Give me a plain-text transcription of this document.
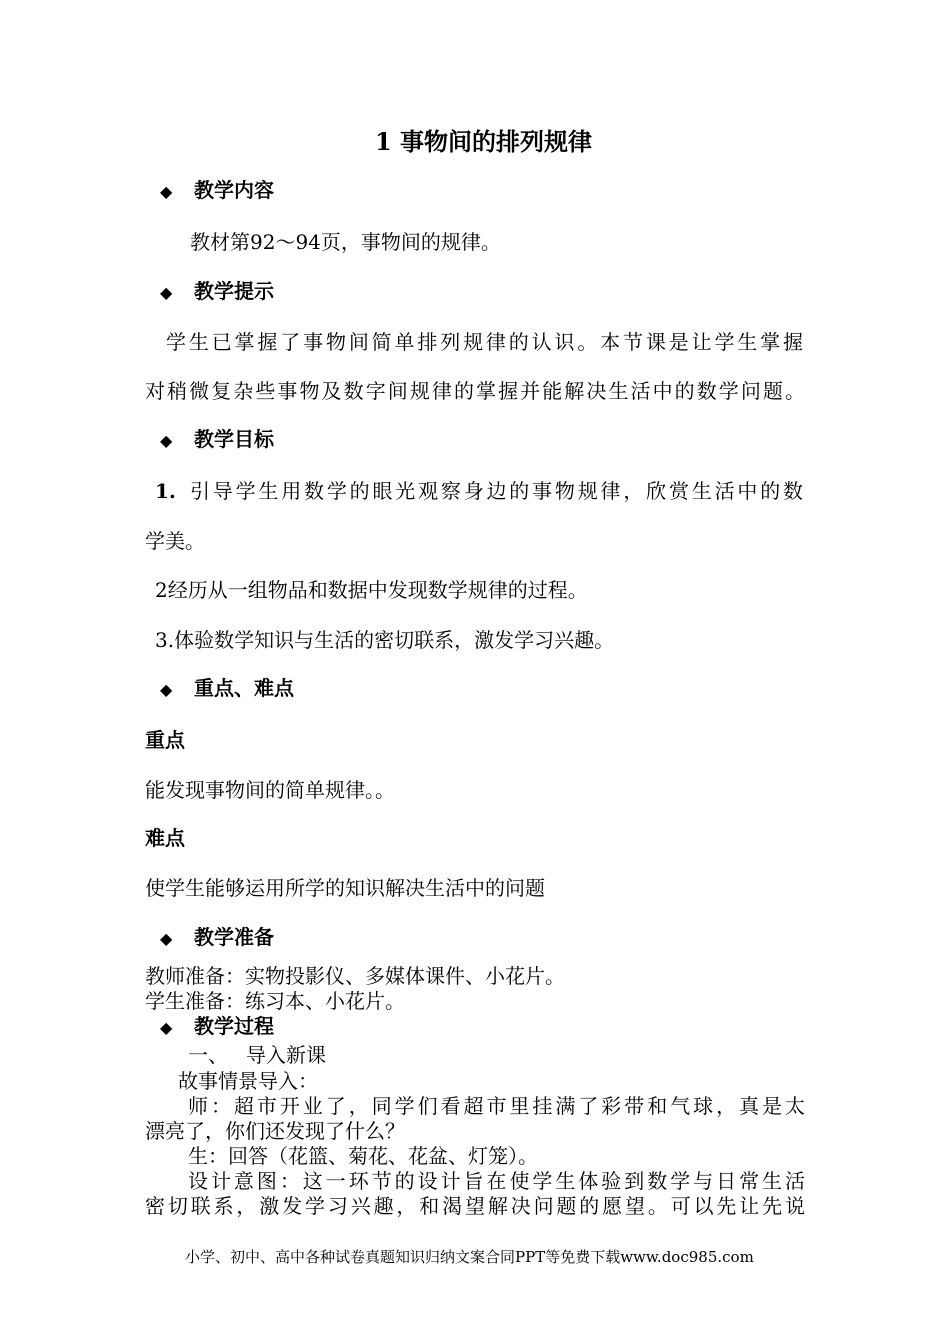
1 事物间的排列规律
◆ 教学内容
教材第92～94页，事物间的规律。
◆ 教学提示
学生已掌握了事物间简单排列规律的认识。本节课是让学生掌握
对稍微复杂些事物及数字间规律的掌握并能解决生活中的数学问题。
◆ 教学目标
1. 引导学生用数学的眼光观察身边的事物规律，欣赏生活中的数
学美。
2经历从一组物品和数据中发现数学规律的过程。
3.体验数学知识与生活的密切联系，激发学习兴趣。
◆ 重点、难点
重点
能发现事物间的简单规律。。
难点
使学生能够运用所学的知识解决生活中的问题
◆ 教学准备
教师准备：实物投影仪、多媒体课件、小花片。
学生准备：练习本、小花片。
◆ 教学过程
一、 导入新课
故事情景导入：
师：超市开业了，同学们看超市里挂满了彩带和气球，真是太
漂亮了，你们还发现了什么？
生：回答（花篮、菊花、花盆、灯笼）。
设计意图：这一环节的设计旨在使学生体验到数学与日常生活
密切联系，激发学习兴趣，和渴望解决问题的愿望。可以先让先说
小学、初中、高中各种试卷真题知识归纳文案合同PPT等免费下载www.doc985.com
